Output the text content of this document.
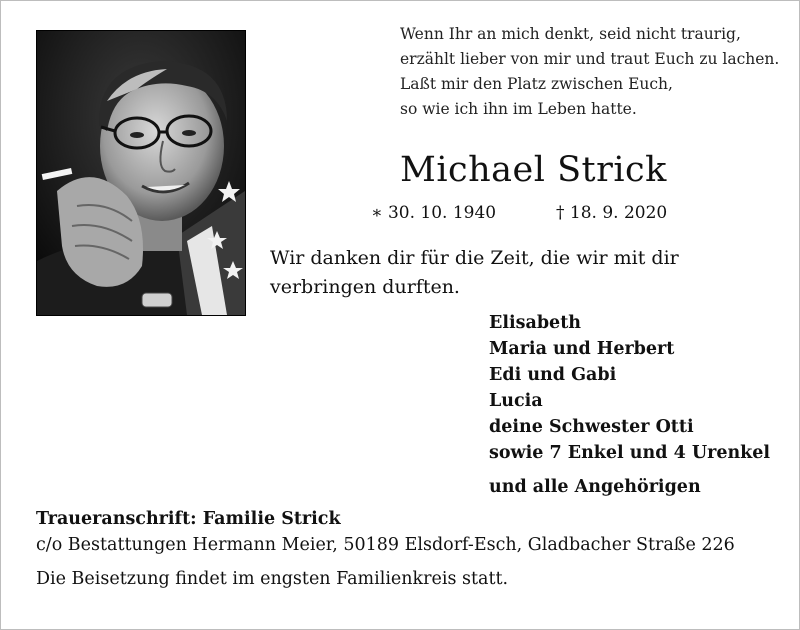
Wenn Ihr an mich denkt, seid nicht traurig,
erzählt lieber von mir und traut Euch zu lachen.
Laßt mir den Platz zwischen Euch,
so wie ich ihn im Leben hatte.
Michael Strick
∗ 30. 10. 1940	† 18. 9. 2020
Wir danken dir für die Zeit, die wir mit dir verbringen durften.
Elisabeth
Maria und Herbert
Edi und Gabi
Lucia
deine Schwester Otti
sowie 7 Enkel und 4 Urenkel
und alle Angehörigen
Traueranschrift: Familie Strick
c/o Bestattungen Hermann Meier, 50189 Elsdorf-Esch, Gladbacher Straße 226
Die Beisetzung findet im engsten Familienkreis statt.
